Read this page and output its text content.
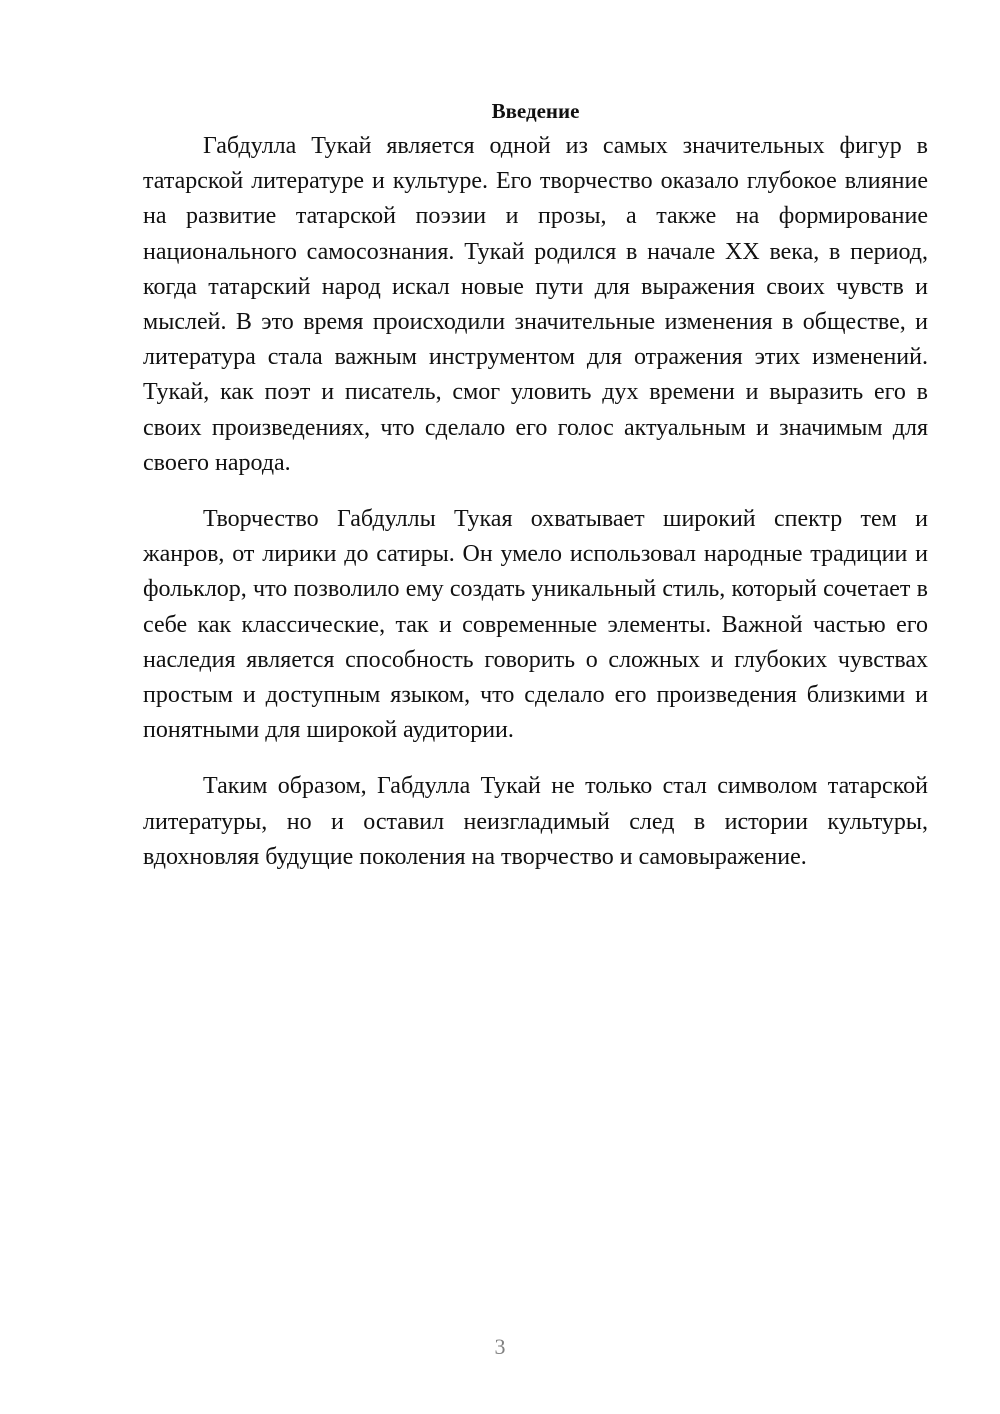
Введение

Габдулла Тукай является одной из самых значительных фигур в татарской литературе и культуре. Его творчество оказало глубокое влияние на развитие татарской поэзии и прозы, а также на формирование национального самосознания. Тукай родился в начале XX века, в период, когда татарский народ искал новые пути для выражения своих чувств и мыслей. В это время происходили значительные изменения в обществе, и литература стала важным инструментом для отражения этих изменений. Тукай, как поэт и писатель, смог уловить дух времени и выразить его в своих произведениях, что сделало его голос актуальным и значимым для своего народа.

Творчество Габдуллы Тукая охватывает широкий спектр тем и жанров, от лирики до сатиры. Он умело использовал народные традиции и фольклор, что позволило ему создать уникальный стиль, который сочетает в себе как классические, так и современные элементы. Важной частью его наследия является способность говорить о сложных и глубоких чувствах простым и доступным языком, что сделало его произведения близкими и понятными для широкой аудитории.

Таким образом, Габдулла Тукай не только стал символом татарской литературы, но и оставил неизгладимый след в истории культуры, вдохновляя будущие поколения на творчество и самовыражение.

3
